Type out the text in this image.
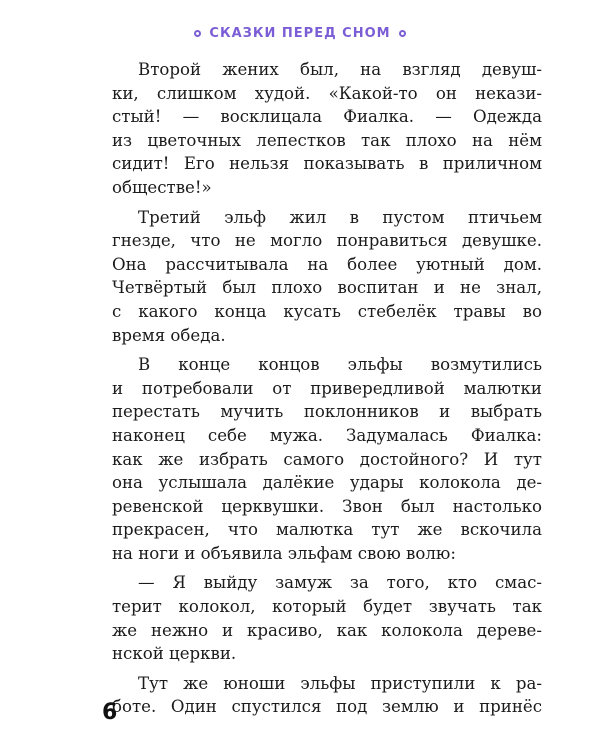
СКАЗКИ ПЕРЕД СНОМ
Второй жених был, на взгляд девуш-
ки, слишком худой. «Какой-то он некази-
стый! — восклицала Фиалка. — Одежда
из цветочных лепестков так плохо на нём
сидит! Его нельзя показывать в приличном
обществе!»
Третий эльф жил в пустом птичьем
гнезде, что не могло понравиться девушке.
Она рассчитывала на более уютный дом.
Четвёртый был плохо воспитан и не знал,
с какого конца кусать стебелёк травы во
время обеда.
В конце концов эльфы возмутились
и потребовали от привередливой малютки
перестать мучить поклонников и выбрать
наконец себе мужа. Задумалась Фиалка:
как же избрать самого достойного? И тут
она услышала далёкие удары колокола де-
ревенской церквушки. Звон был настолько
прекрасен, что малютка тут же вскочила
на ноги и объявила эльфам свою волю:
— Я выйду замуж за того, кто смас-
терит колокол, который будет звучать так
же нежно и красиво, как колокола дереве-
нской церкви.
Тут же юноши эльфы приступили к ра-
боте. Один спустился под землю и принёс
6
